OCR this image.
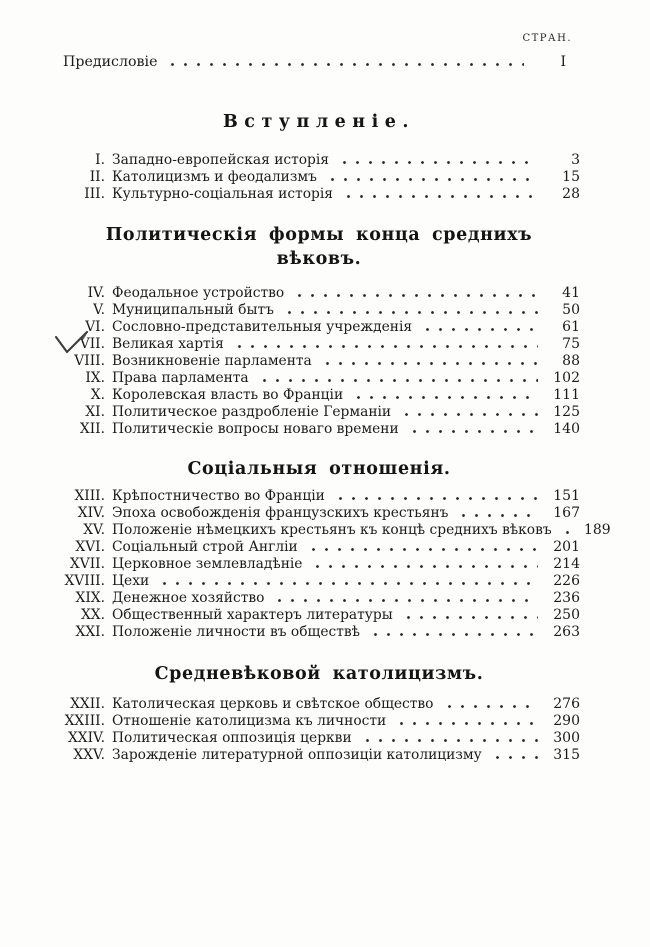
СТРАН.
Предисловіе	I
Вступленіе.
I. Западно-европейская исторія	3
II. Католицизмъ и феодализмъ	15
III. Культурно-соціальная исторія	28
Политическія формы конца среднихъ вѣковъ.
IV. Феодальное устройство	41
V. Муниципальный бытъ	50
VI. Сословно-представительныя учрежденія	61
VII. Великая хартія	75
VIII. Возникновеніе парламента	88
IX. Права парламента	102
X. Королевская власть во Франціи	111
XI. Политическое раздробленіе Германіи	125
XII. Политическіе вопросы новаго времени	140
Соціальныя отношенія.
XIII. Крѣпостничество во Франціи	151
XIV. Эпоха освобожденія французскихъ крестьянъ	167
XV. Положеніе нѣмецкихъ крестьянъ къ концѣ среднихъ вѣковъ	189
XVI. Соціальный строй Англіи	201
XVII. Церковное землевладѣніе	214
XVIII. Цехи	226
XIX. Денежное хозяйство	236
XX. Общественный характеръ литературы	250
XXI. Положеніе личности въ обществѣ	263
Средневѣковой католицизмъ.
XXII. Католическая церковь и свѣтское общество	276
XXIII. Отношеніе католицизма къ личности	290
XXIV. Политическая оппозиція церкви	300
XXV. Зарожденіе литературной оппозиціи католицизму	315
